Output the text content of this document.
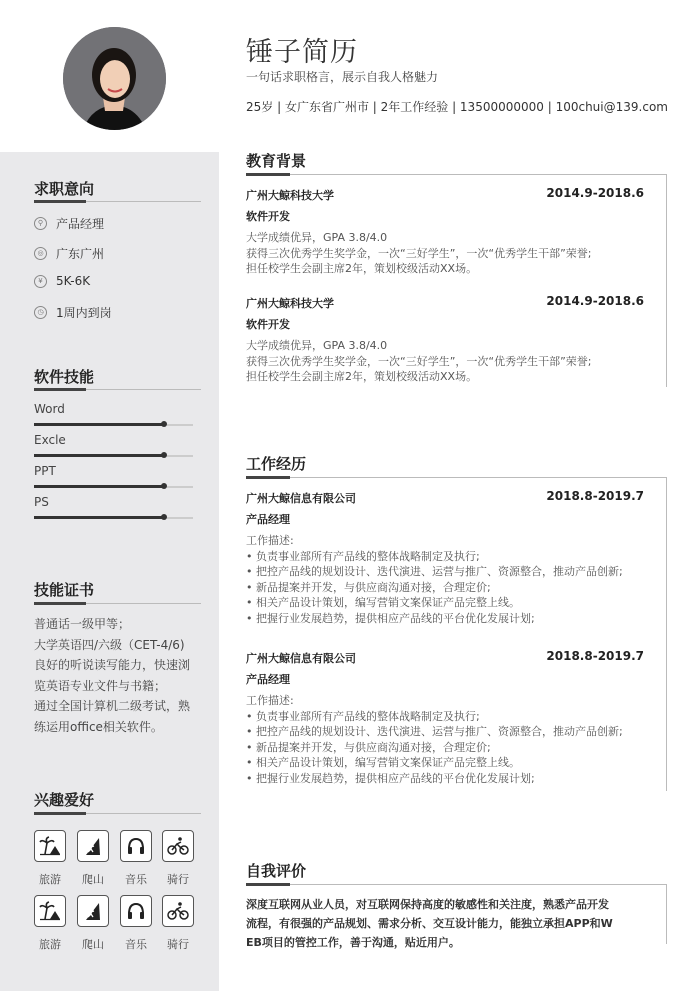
锤子简历
一句话求职格言，展示自我人格魅力
25岁 | 女广东省广州市 | 2年工作经验 | 13500000000 | 100chui@139.com
求职意向
⚲	产品经理
◎ 广东广州
¥	5K-6K
◷ 1周内到岗
软件技能
Word
Excle
PPT
PS
技能证书
普通话一级甲等；
大学英语四/六级（CET-4/6)
良好的听说读写能力，快速浏
览英语专业文件与书籍；
通过全国计算机二级考试，熟
练运用office相关软件。
兴趣爱好
旅游	爬山	音乐	骑行
旅游	爬山	音乐	骑行
教育背景
广州大鲸科技大学	2014.9-2018.6
软件开发

大学成绩优异，GPA 3.8/4.0

获得三次优秀学生奖学金，一次“三好学生”，一次“优秀学生干部”荣誉;

担任校学生会副主席2年，策划校级活动XX场。

广州大鲸科技大学	2014.9-2018.6
软件开发

大学成绩优异，GPA 3.8/4.0

获得三次优秀学生奖学金，一次“三好学生”，一次“优秀学生干部”荣誉;

担任校学生会副主席2年，策划校级活动XX场。

工作经历
广州大鲸信息有限公司	2018.8-2019.7
产品经理

工作描述:

• 负责事业部所有产品线的整体战略制定及执行;

• 把控产品线的规划设计、迭代演进、运营与推广、资源整合，推动产品创新;

• 新品提案并开发，与供应商沟通对接，合理定价;

• 相关产品设计策划，编写营销文案保证产品完整上线。

• 把握行业发展趋势，提供相应产品线的平台优化发展计划;

广州大鲸信息有限公司	2018.8-2019.7
产品经理

工作描述:

• 负责事业部所有产品线的整体战略制定及执行;

• 把控产品线的规划设计、迭代演进、运营与推广、资源整合，推动产品创新;

• 新品提案并开发，与供应商沟通对接，合理定价;

• 相关产品设计策划，编写营销文案保证产品完整上线。

• 把握行业发展趋势，提供相应产品线的平台优化发展计划;

自我评价
深度互联网从业人员，对互联网保持高度的敏感性和关注度，熟悉产品开发
流程，有很强的产品规划、需求分析、交互设计能力，能独立承担APP和W
EB项目的管控工作，善于沟通，贴近用户。
